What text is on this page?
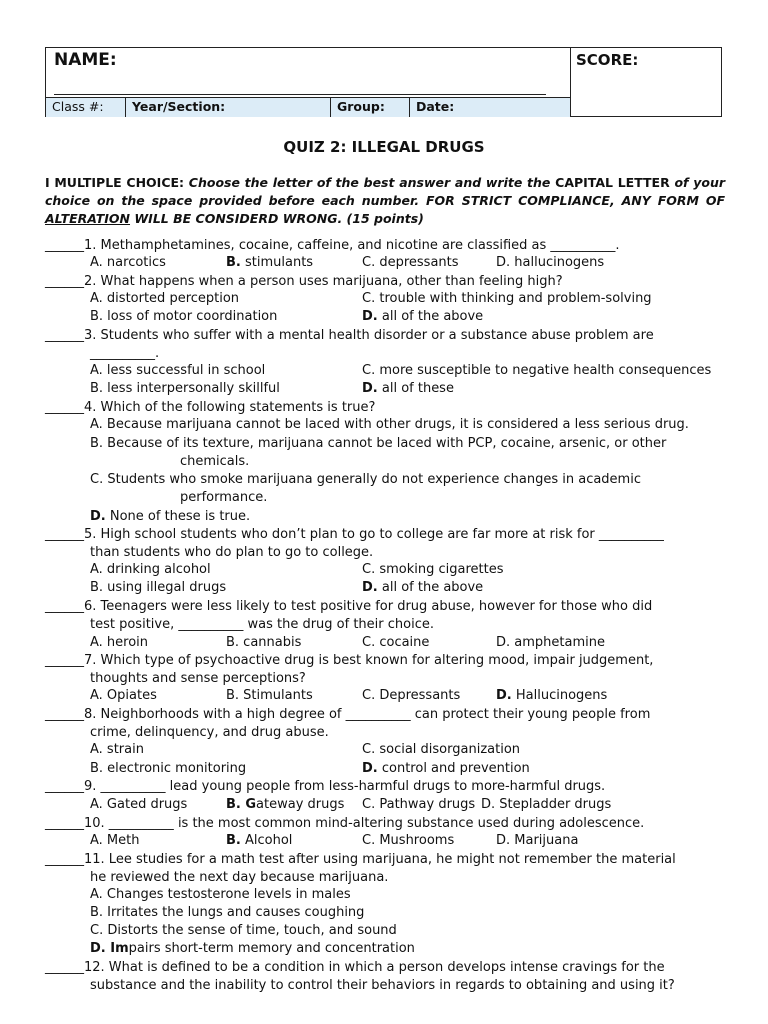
NAME:	SCORE:
Class #:	Year/Section:	Group:	Date:
QUIZ 2: ILLEGAL DRUGS
I MULTIPLE CHOICE: Choose the letter of the best answer and write the CAPITAL LETTER of your choice on the space provided before each number. FOR STRICT COMPLIANCE, ANY FORM OF ALTERATION WILL BE CONSIDERD WRONG. (15 points)
______1. Methamphetamines, cocaine, caffeine, and nicotine are classified as __________.
A. narcotics	B. stimulants	C. depressants	D. hallucinogens
______2. What happens when a person uses marijuana, other than feeling high?
A. distorted perception	C. trouble with thinking and problem-solving
B. loss of motor coordination	D. all of the above
______3. Students who suffer with a mental health disorder or a substance abuse problem are
__________.
A. less successful in school	C. more susceptible to negative health consequences
B. less interpersonally skillful	D. all of these
______4. Which of the following statements is true?
A. Because marijuana cannot be laced with other drugs, it is considered a less serious drug.
B. Because of its texture, marijuana cannot be laced with PCP, cocaine, arsenic, or other
chemicals.
C. Students who smoke marijuana generally do not experience changes in academic
performance.
D. None of these is true.
______5. High school students who don’t plan to go to college are far more at risk for __________
than students who do plan to go to college.
A. drinking alcohol	C. smoking cigarettes
B. using illegal drugs	D. all of the above
______6. Teenagers were less likely to test positive for drug abuse, however for those who did
test positive, __________ was the drug of their choice.
A. heroin	B. cannabis	C. cocaine	D. amphetamine
______7. Which type of psychoactive drug is best known for altering mood, impair judgement,
thoughts and sense perceptions?
A. Opiates	B. Stimulants	C. Depressants	D. Hallucinogens
______8. Neighborhoods with a high degree of __________ can protect their young people from
crime, delinquency, and drug abuse.
A. strain	C. social disorganization
B. electronic monitoring	D. control and prevention
______9. __________ lead young people from less-harmful drugs to more-harmful drugs.
A. Gated drugs	B. Gateway drugs C. Pathway drugs D. Stepladder drugs
______10. __________ is the most common mind-altering substance used during adolescence.
A. Meth	B. Alcohol	C. Mushrooms	D. Marijuana
______11. Lee studies for a math test after using marijuana, he might not remember the material
he reviewed the next day because marijuana.
A. Changes testosterone levels in males
B. Irritates the lungs and causes coughing
C. Distorts the sense of time, touch, and sound
D. Impairs short-term memory and concentration
______12. What is defined to be a condition in which a person develops intense cravings for the
substance and the inability to control their behaviors in regards to obtaining and using it?
